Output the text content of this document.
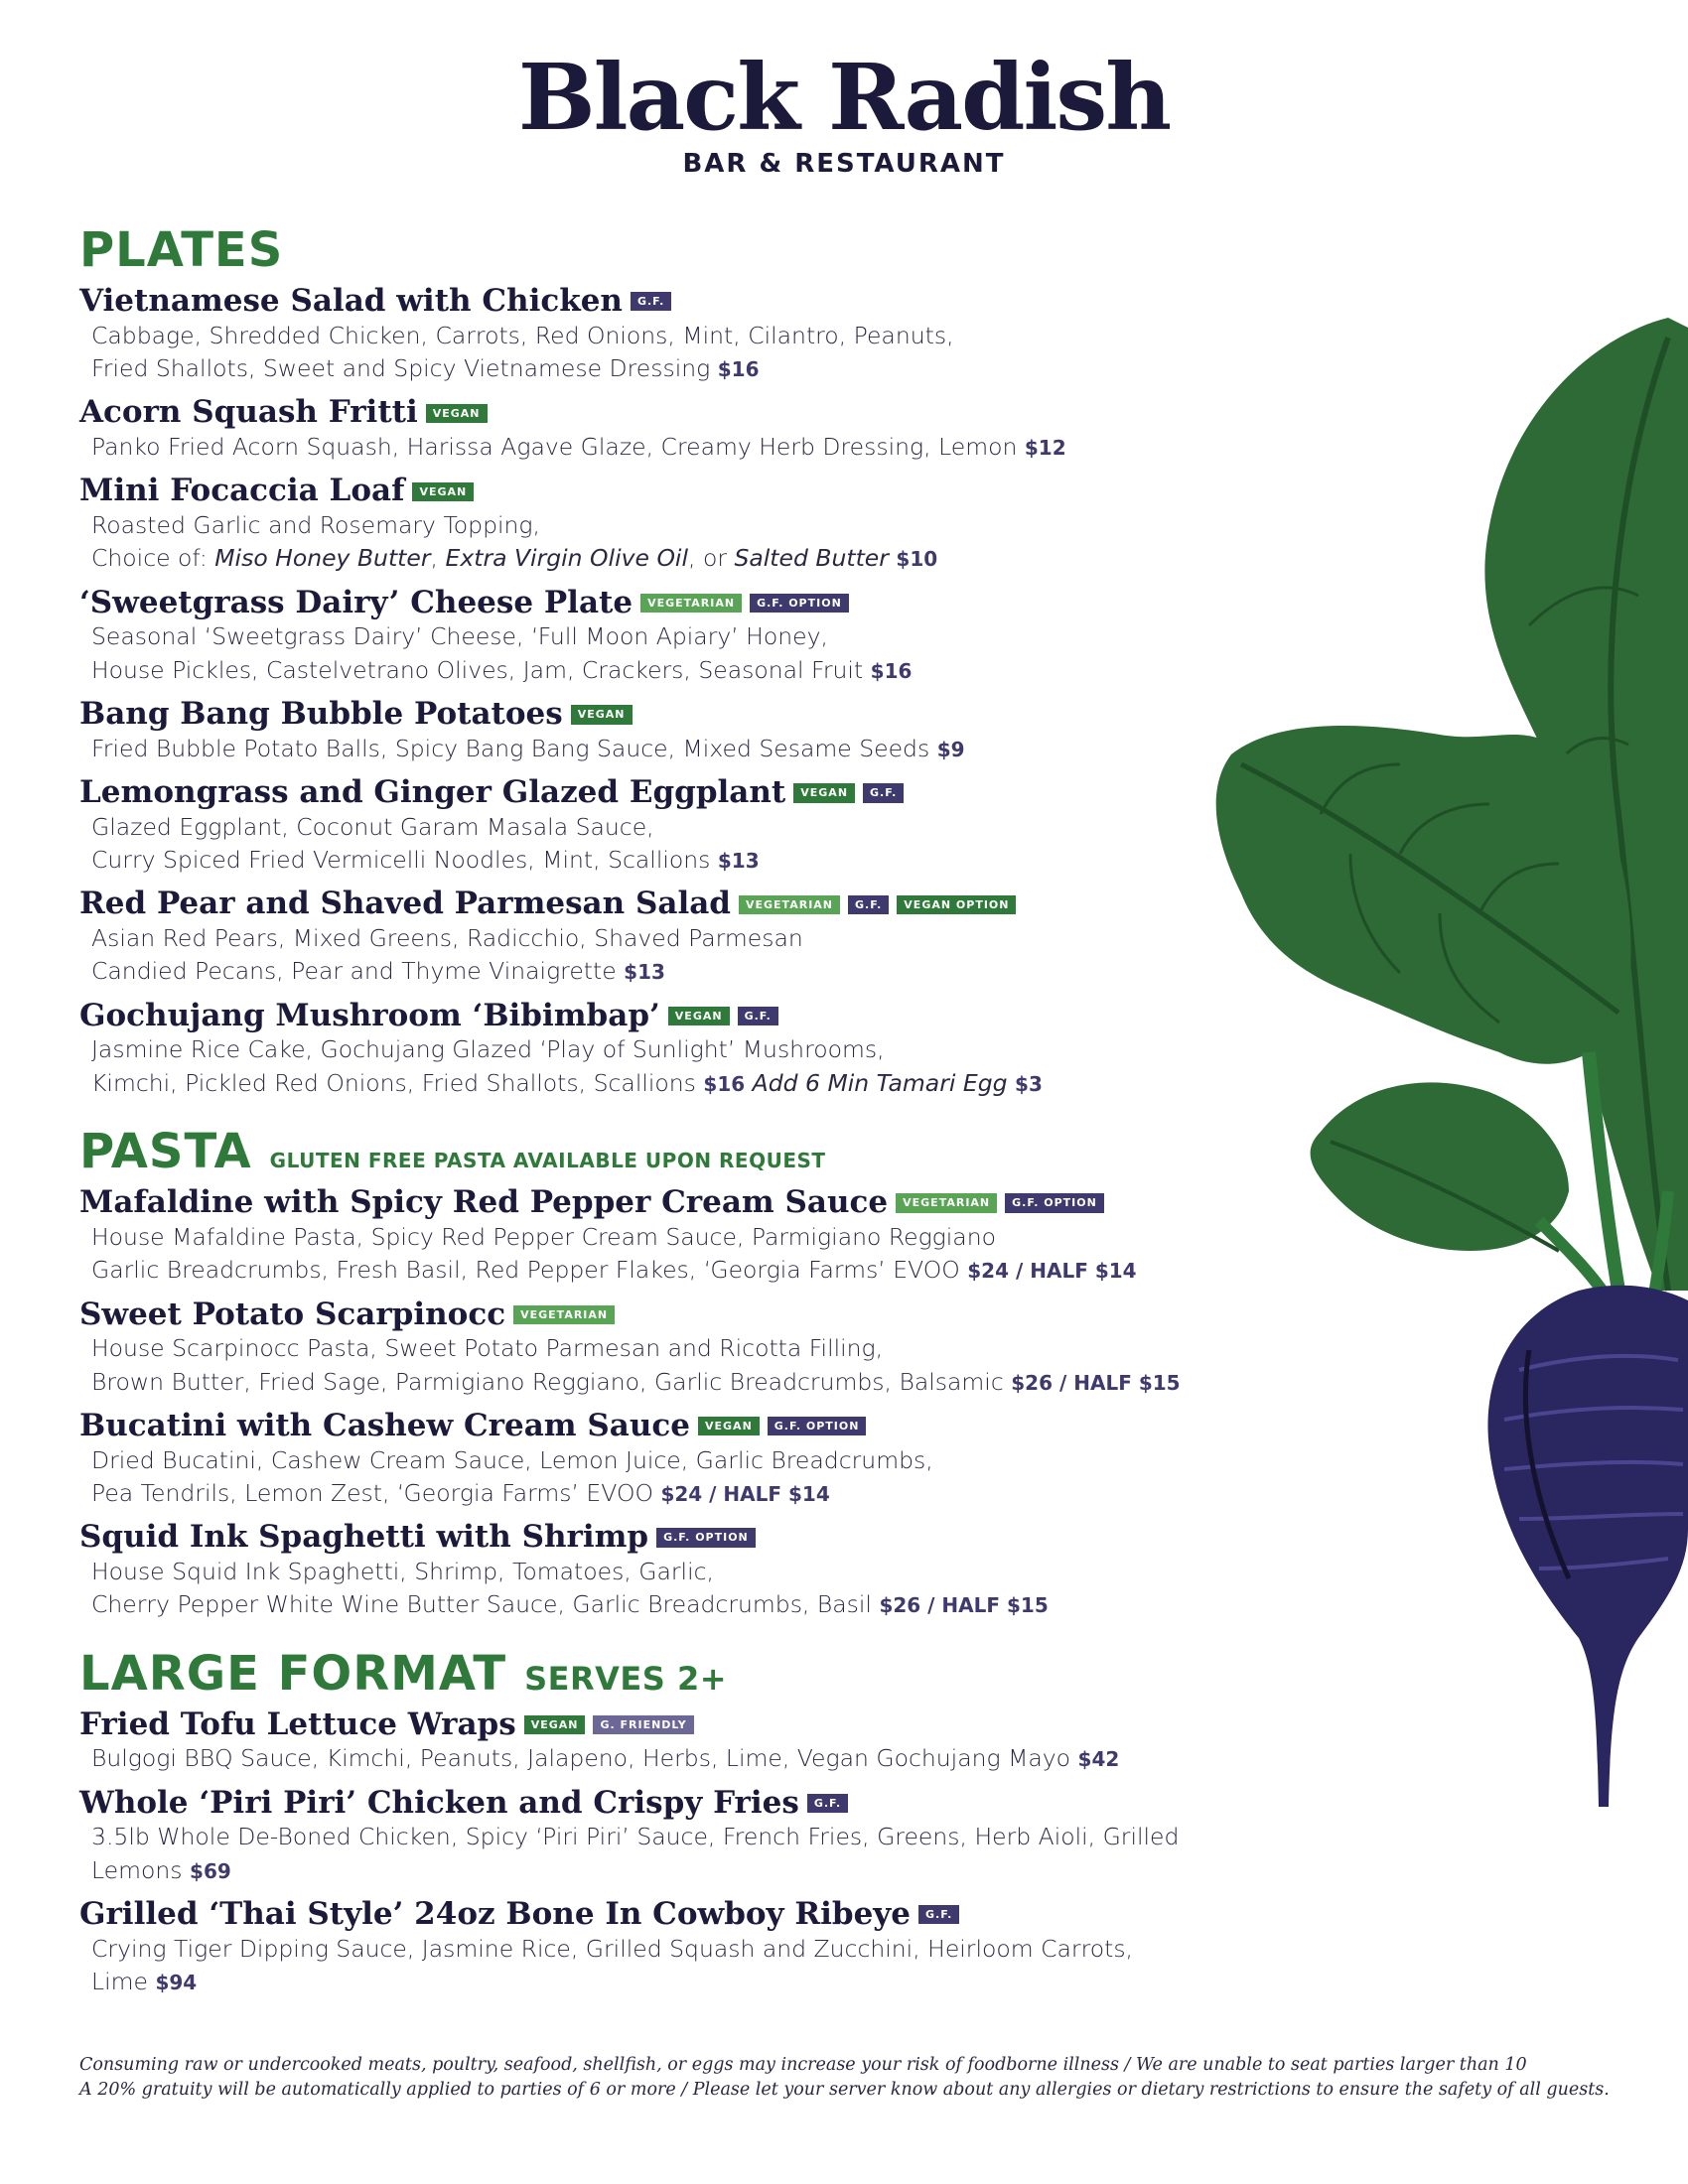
Black Radish
BAR & RESTAURANT
PLATES
Vietnamese Salad with Chicken	G.F.
Cabbage, Shredded Chicken, Carrots, Red Onions, Mint, Cilantro, Peanuts,
Fried Shallots, Sweet and Spicy Vietnamese Dressing $16
Acorn Squash Fritti	VEGAN
Panko Fried Acorn Squash, Harissa Agave Glaze, Creamy Herb Dressing, Lemon $12
Mini Focaccia Loaf	VEGAN
Roasted Garlic and Rosemary Topping,
Choice of: Miso Honey Butter, Extra Virgin Olive Oil, or Salted Butter $10
‘Sweetgrass Dairy’ Cheese Plate	VEGETARIAN	G.F. OPTION
Seasonal ‘Sweetgrass Dairy’ Cheese, ‘Full Moon Apiary’ Honey,
House Pickles, Castelvetrano Olives, Jam, Crackers, Seasonal Fruit $16
Bang Bang Bubble Potatoes	VEGAN
Fried Bubble Potato Balls, Spicy Bang Bang Sauce, Mixed Sesame Seeds $9
Lemongrass and Ginger Glazed Eggplant	VEGAN	G.F.
Glazed Eggplant, Coconut Garam Masala Sauce,
Curry Spiced Fried Vermicelli Noodles, Mint, Scallions $13
Red Pear and Shaved Parmesan Salad	VEGETARIAN	G.F.	VEGAN OPTION
Asian Red Pears, Mixed Greens, Radicchio, Shaved Parmesan
Candied Pecans, Pear and Thyme Vinaigrette $13
Gochujang Mushroom ‘Bibimbap’	VEGAN	G.F.
Jasmine Rice Cake, Gochujang Glazed ‘Play of Sunlight’ Mushrooms,
Kimchi, Pickled Red Onions, Fried Shallots, Scallions $16 Add 6 Min Tamari Egg $3
PASTA GLUTEN FREE PASTA AVAILABLE UPON REQUEST
Mafaldine with Spicy Red Pepper Cream Sauce	VEGETARIAN	G.F. OPTION
House Mafaldine Pasta, Spicy Red Pepper Cream Sauce, Parmigiano Reggiano
Garlic Breadcrumbs, Fresh Basil, Red Pepper Flakes, ‘Georgia Farms’ EVOO $24 / HALF $14
Sweet Potato Scarpinocc	VEGETARIAN
House Scarpinocc Pasta, Sweet Potato Parmesan and Ricotta Filling,
Brown Butter, Fried Sage, Parmigiano Reggiano, Garlic Breadcrumbs, Balsamic $26 / HALF $15
Bucatini with Cashew Cream Sauce	VEGAN	G.F. OPTION
Dried Bucatini, Cashew Cream Sauce, Lemon Juice, Garlic Breadcrumbs,
Pea Tendrils, Lemon Zest, ‘Georgia Farms’ EVOO $24 / HALF $14
Squid Ink Spaghetti with Shrimp	G.F. OPTION
House Squid Ink Spaghetti, Shrimp, Tomatoes, Garlic,
Cherry Pepper White Wine Butter Sauce, Garlic Breadcrumbs, Basil $26 / HALF $15
LARGE FORMAT SERVES 2+
Fried Tofu Lettuce Wraps	VEGAN	G. FRIENDLY
Bulgogi BBQ Sauce, Kimchi, Peanuts, Jalapeno, Herbs, Lime, Vegan Gochujang Mayo $42
Whole ‘Piri Piri’ Chicken and Crispy Fries	G.F.
3.5lb Whole De-Boned Chicken, Spicy ‘Piri Piri’ Sauce, French Fries, Greens, Herb Aioli, Grilled Lemons $69
Grilled ‘Thai Style’ 24oz Bone In Cowboy Ribeye	G.F.
Crying Tiger Dipping Sauce, Jasmine Rice, Grilled Squash and Zucchini, Heirloom Carrots, Lime $94
Consuming raw or undercooked meats, poultry, seafood, shellfish, or eggs may increase your risk of foodborne illness / We are unable to seat parties larger than 10
A 20% gratuity will be automatically applied to parties of 6 or more / Please let your server know about any allergies or dietary restrictions to ensure the safety of all guests.
